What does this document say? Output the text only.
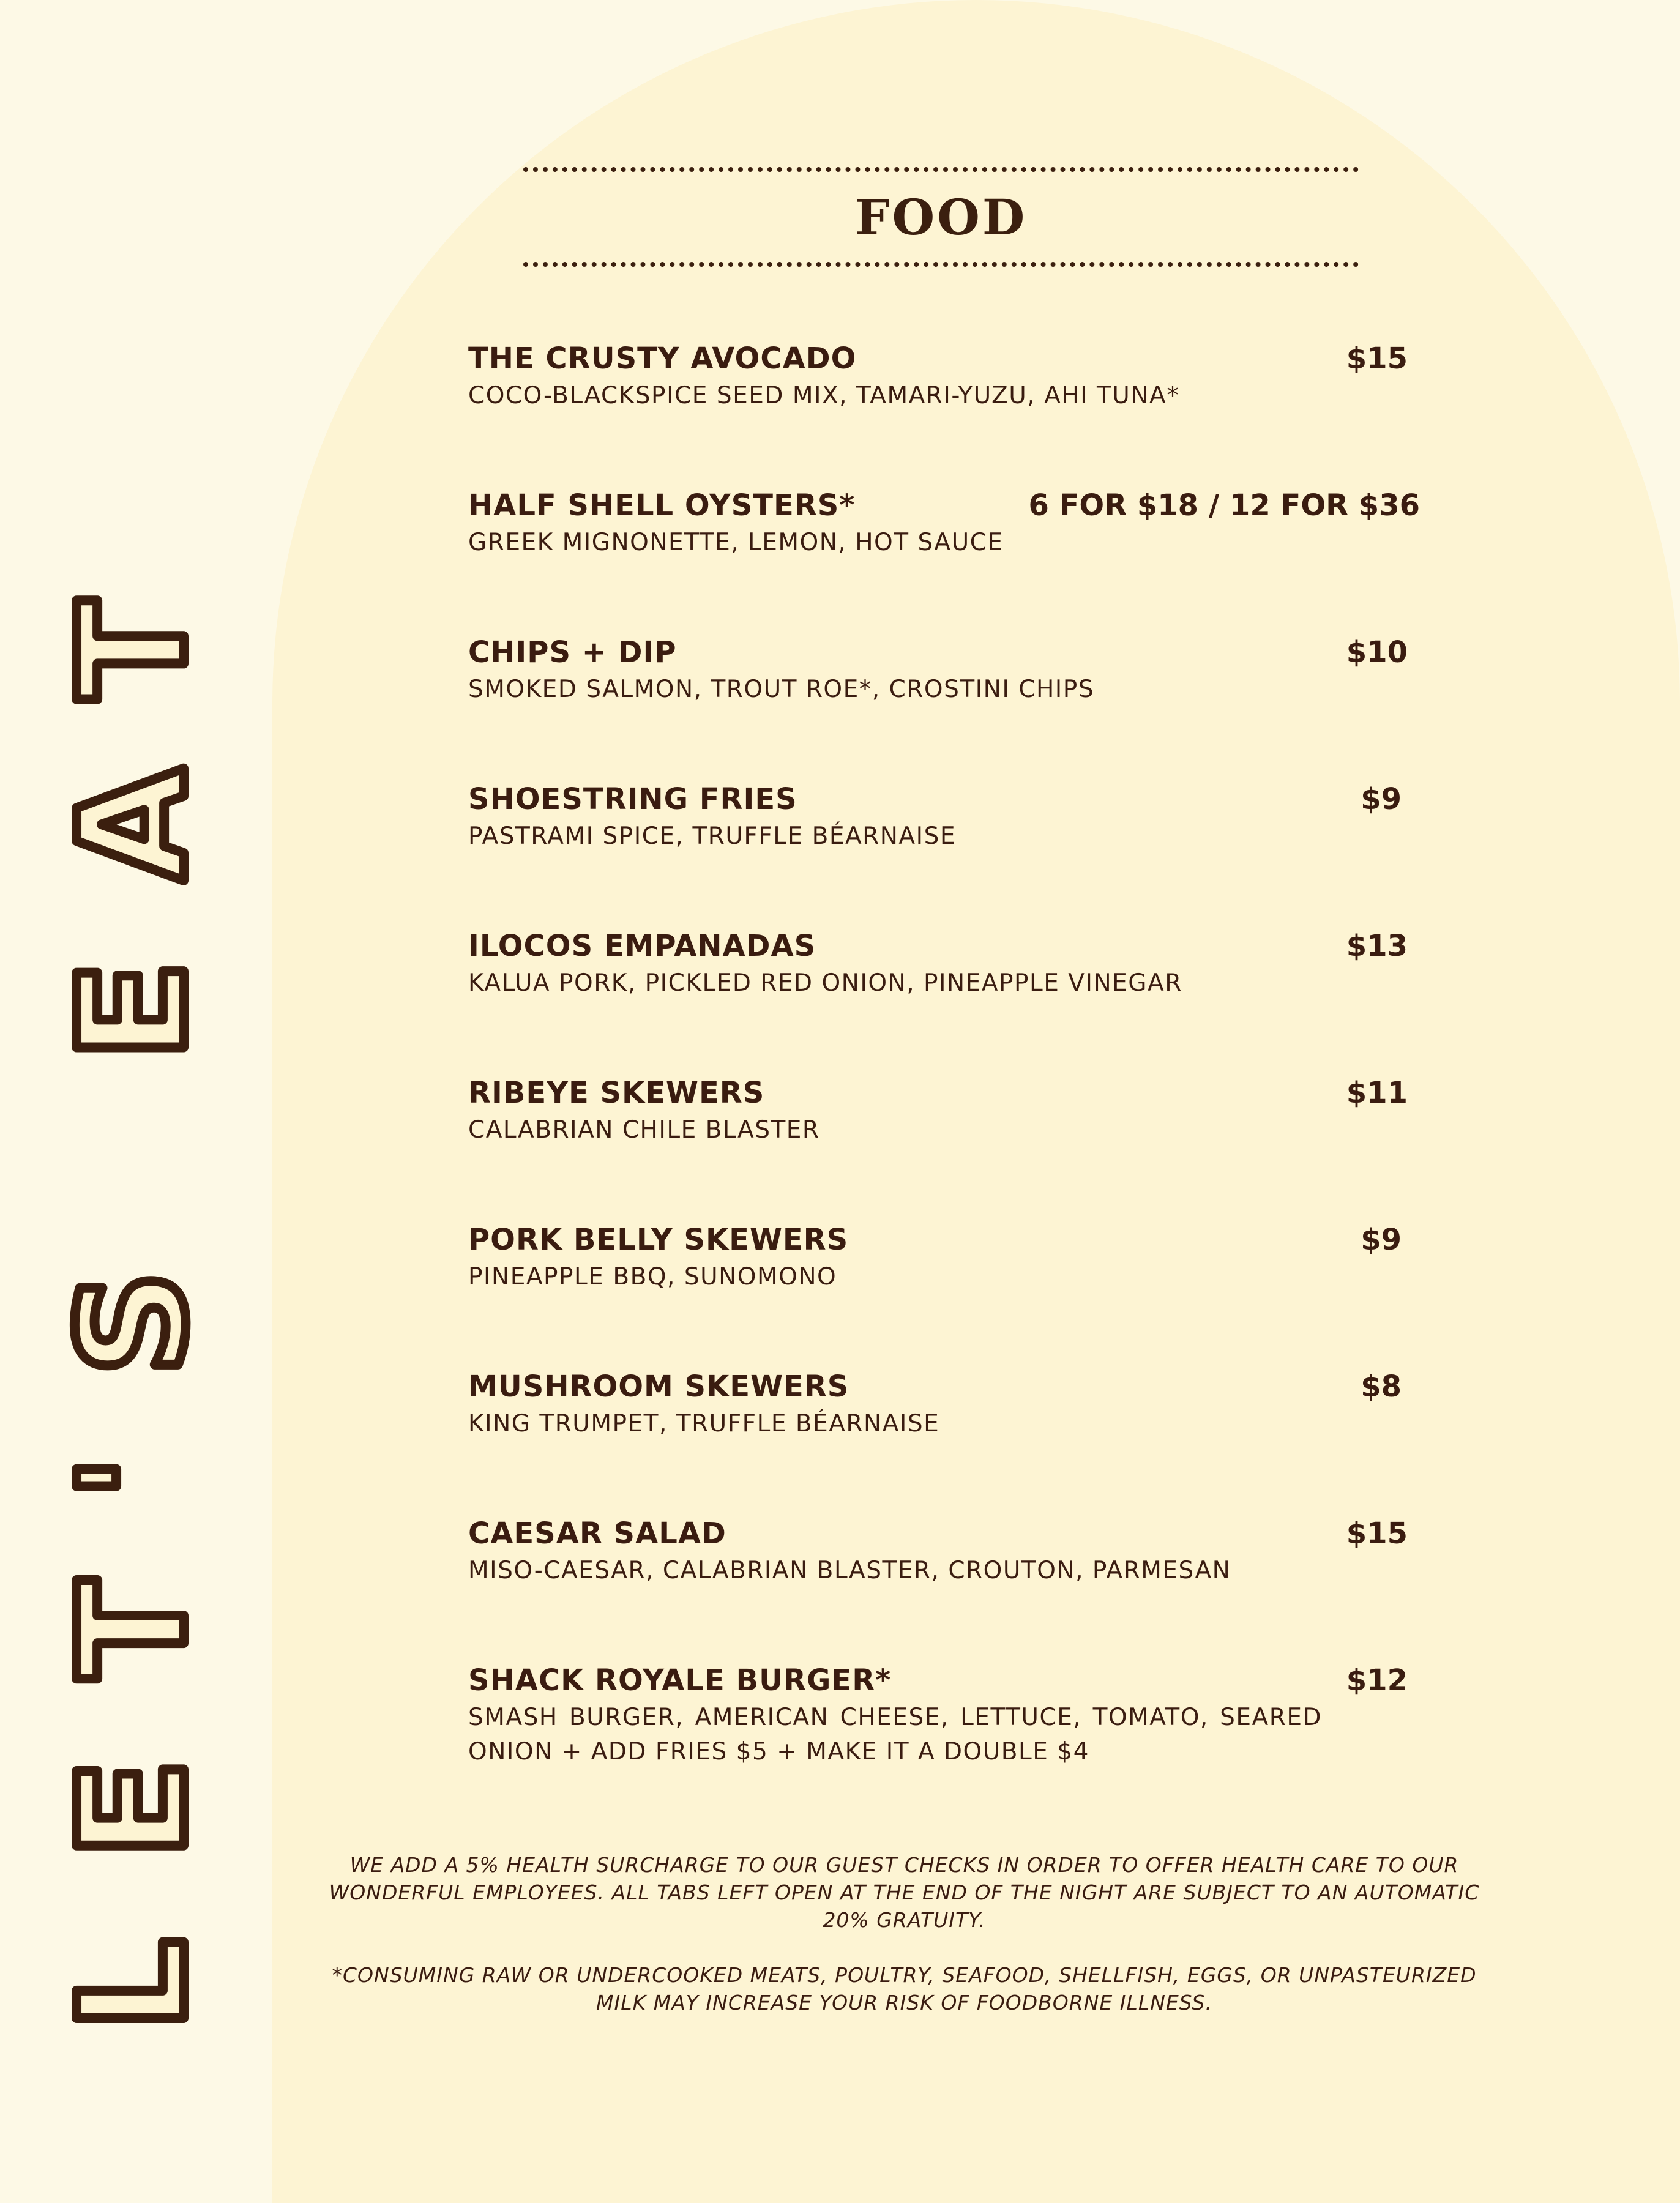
LET'S EAT
FOOD
THE CRUSTY AVOCADO	$15
COCO-BLACKSPICE SEED MIX, TAMARI-YUZU, AHI TUNA*
HALF SHELL OYSTERS*	6 FOR $18 / 12 FOR $36
GREEK MIGNONETTE, LEMON, HOT SAUCE
CHIPS + DIP	$10
SMOKED SALMON, TROUT ROE*, CROSTINI CHIPS
SHOESTRING FRIES	$9
PASTRAMI SPICE, TRUFFLE BÉARNAISE
ILOCOS EMPANADAS	$13
KALUA PORK, PICKLED RED ONION, PINEAPPLE VINEGAR
RIBEYE SKEWERS	$11
CALABRIAN CHILE BLASTER
PORK BELLY SKEWERS	$9
PINEAPPLE BBQ, SUNOMONO
MUSHROOM SKEWERS	$8
KING TRUMPET, TRUFFLE BÉARNAISE
CAESAR SALAD	$15
MISO-CAESAR, CALABRIAN BLASTER, CROUTON, PARMESAN
SHACK ROYALE BURGER*	$12
SMASH BURGER, AMERICAN CHEESE, LETTUCE, TOMATO, SEARED ONION + ADD FRIES $5 + MAKE IT A DOUBLE $4

WE ADD A 5% HEALTH SURCHARGE TO OUR GUEST CHECKS IN ORDER TO OFFER HEALTH CARE TO OUR WONDERFUL EMPLOYEES. ALL TABS LEFT OPEN AT THE END OF THE NIGHT ARE SUBJECT TO AN AUTOMATIC 20% GRATUITY.

*CONSUMING RAW OR UNDERCOOKED MEATS, POULTRY, SEAFOOD, SHELLFISH, EGGS, OR UNPASTEURIZED MILK MAY INCREASE YOUR RISK OF FOODBORNE ILLNESS.
